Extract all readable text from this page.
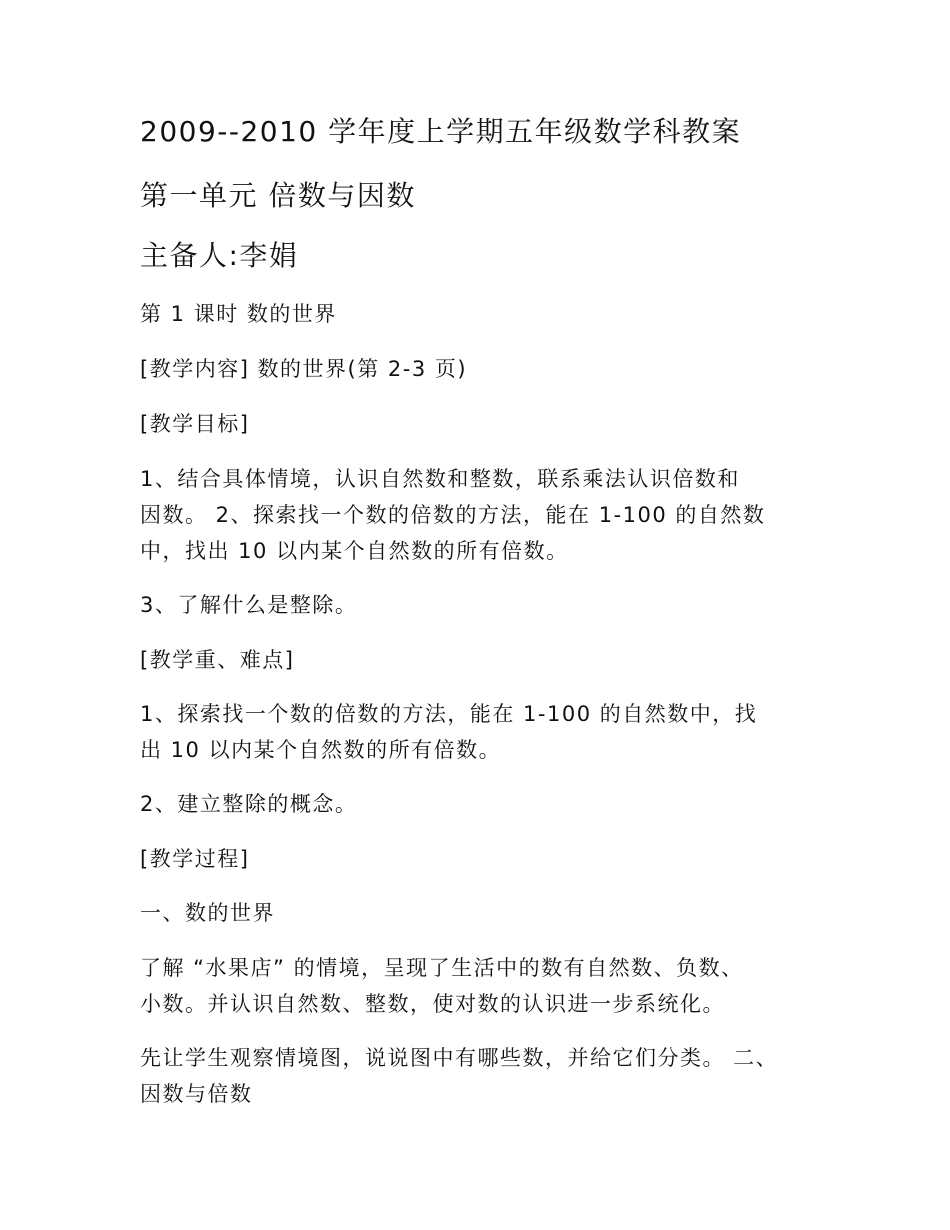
2009--2010 学年度上学期五年级数学科教案
第一单元 倍数与因数

主备人:李娟

第 1 课时 数的世界

[教学内容] 数的世界(第 2-3 页)

[教学目标]

1、结合具体情境，认识自然数和整数，联系乘法认识倍数和

因数。 2、探索找一个数的倍数的方法，能在 1-100 的自然数

中，找出 10 以内某个自然数的所有倍数。

3、了解什么是整除。

[教学重、难点]

1、探索找一个数的倍数的方法，能在 1-100 的自然数中，找

出 10 以内某个自然数的所有倍数。

2、建立整除的概念。

[教学过程]

一、数的世界

了解 “水果店” 的情境，呈现了生活中的数有自然数、负数、

小数。并认识自然数、整数，使对数的认识进一步系统化。

先让学生观察情境图，说说图中有哪些数，并给它们分类。 二、

因数与倍数
